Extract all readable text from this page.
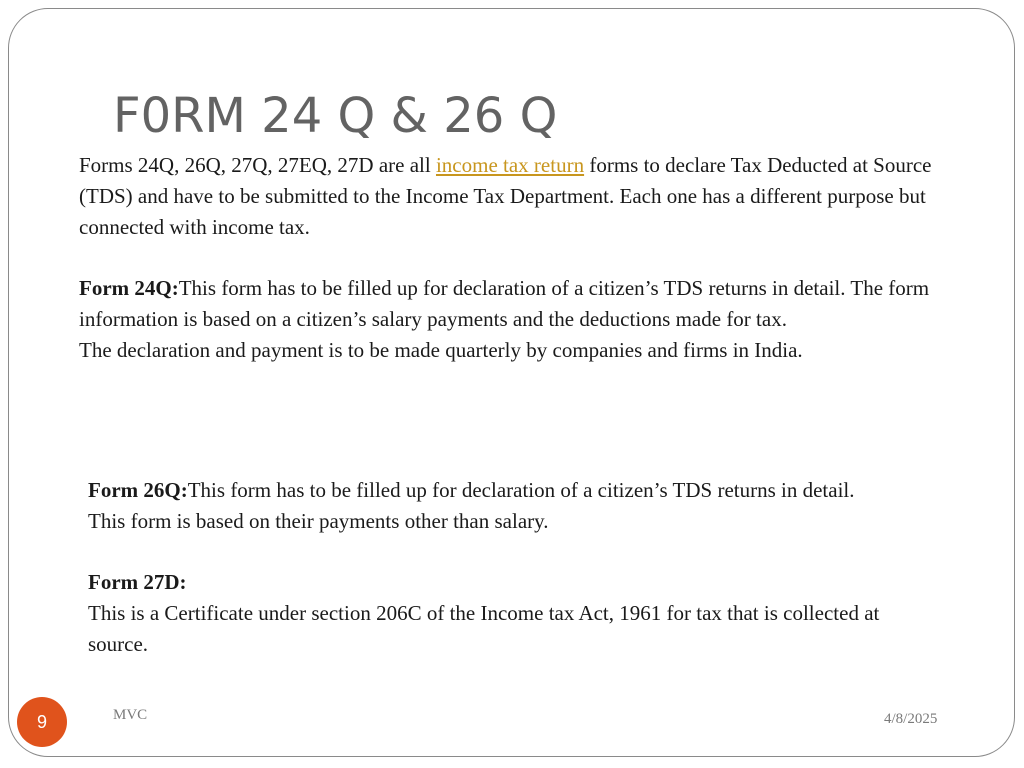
F0RM 24 Q & 26 Q

Forms 24Q, 26Q, 27Q, 27EQ, 27D are all income tax return forms to declare Tax Deducted at Source (TDS) and have to be submitted to the Income Tax Department. Each one has a different purpose but connected with income tax.

Form 24Q:This form has to be filled up for declaration of a citizen’s TDS returns in detail. The form information is based on a citizen’s salary payments and the deductions made for tax.

The declaration and payment is to be made quarterly by companies and firms in India.

Form 26Q:This form has to be filled up for declaration of a citizen’s TDS returns in detail.

This form is based on their payments other than salary.

Form 27D:

This is a Certificate under section 206C of the Income tax Act, 1961 for tax that is collected at source.

9	MVC	4/8/2025
